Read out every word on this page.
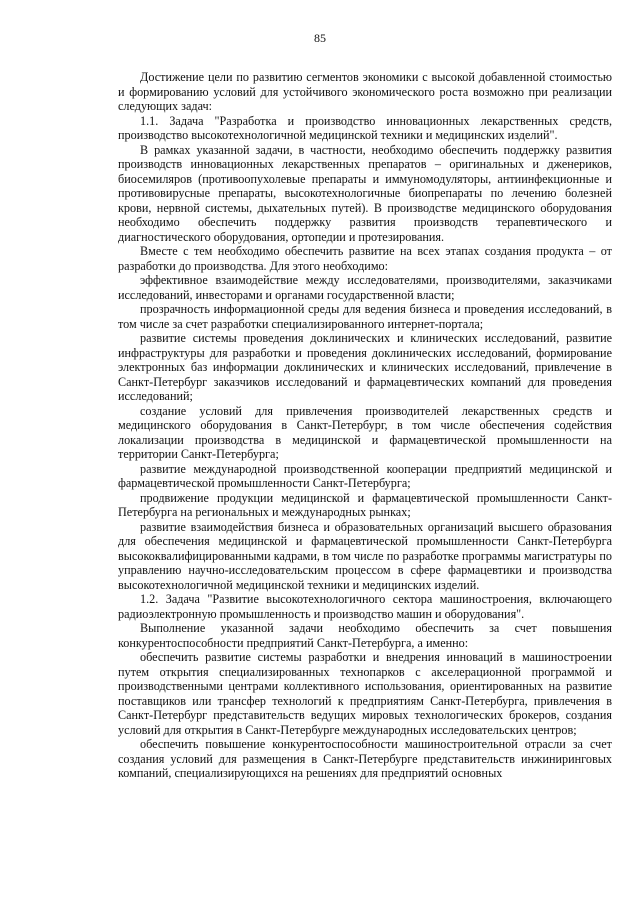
85

Достижение цели по развитию сегментов экономики с высокой добавленной стоимостью и формированию условий для устойчивого экономического роста возможно при реализации следующих задач:

1.1. Задача "Разработка и производство инновационных лекарственных средств, производство высокотехнологичной медицинской техники и медицинских изделий".

В рамках указанной задачи, в частности, необходимо обеспечить поддержку развития производств инновационных лекарственных препаратов – оригинальных и дженериков, биосемиляров (противоопухолевые препараты и иммуномодуляторы, антиинфекционные и противовирусные препараты, высокотехнологичные биопрепараты по лечению болезней крови, нервной системы, дыхательных путей). В производстве медицинского оборудования необходимо обеспечить поддержку развития производств терапевтического и диагностического оборудования, ортопедии и протезирования.

Вместе с тем необходимо обеспечить развитие на всех этапах создания продукта – от разработки до производства. Для этого необходимо:

эффективное взаимодействие между исследователями, производителями, заказчиками исследований, инвесторами и органами государственной власти;

прозрачность информационной среды для ведения бизнеса и проведения исследований, в том числе за счет разработки специализированного интернет-портала;

развитие системы проведения доклинических и клинических исследований, развитие инфраструктуры для разработки и проведения доклинических исследований, формирование электронных баз информации доклинических и клинических исследований, привлечение в Санкт-Петербург заказчиков исследований и фармацевтических компаний для проведения исследований;

создание условий для привлечения производителей лекарственных средств и медицинского оборудования в Санкт-Петербург, в том числе обеспечения содействия локализации производства в медицинской и фармацевтической промышленности на территории Санкт-Петербурга;

развитие международной производственной кооперации предприятий медицинской и фармацевтической промышленности Санкт-Петербурга;

продвижение продукции медицинской и фармацевтической промышленности Санкт-Петербурга на региональных и международных рынках;

развитие взаимодействия бизнеса и образовательных организаций высшего образования для обеспечения медицинской и фармацевтической промышленности Санкт-Петербурга высококвалифицированными кадрами, в том числе по разработке программы магистратуры по управлению научно-исследовательским процессом в сфере фармацевтики и производства высокотехнологичной медицинской техники и медицинских изделий.

1.2. Задача "Развитие высокотехнологичного сектора машиностроения, включающего радиоэлектронную промышленность и производство машин и оборудования".

Выполнение указанной задачи необходимо обеспечить за счет повышения конкурентоспособности предприятий Санкт-Петербурга, а именно:

обеспечить развитие системы разработки и внедрения инноваций в машиностроении путем открытия специализированных технопарков с акселерационной программой и производственными центрами коллективного использования, ориентированных на развитие поставщиков или трансфер технологий к предприятиям Санкт-Петербурга, привлечения в Санкт-Петербург представительств ведущих мировых технологических брокеров, создания условий для открытия в Санкт-Петербурге международных исследовательских центров;

обеспечить повышение конкурентоспособности машиностроительной отрасли за счет создания условий для размещения в Санкт-Петербурге представительств инжиниринговых компаний, специализирующихся на решениях для предприятий основных
